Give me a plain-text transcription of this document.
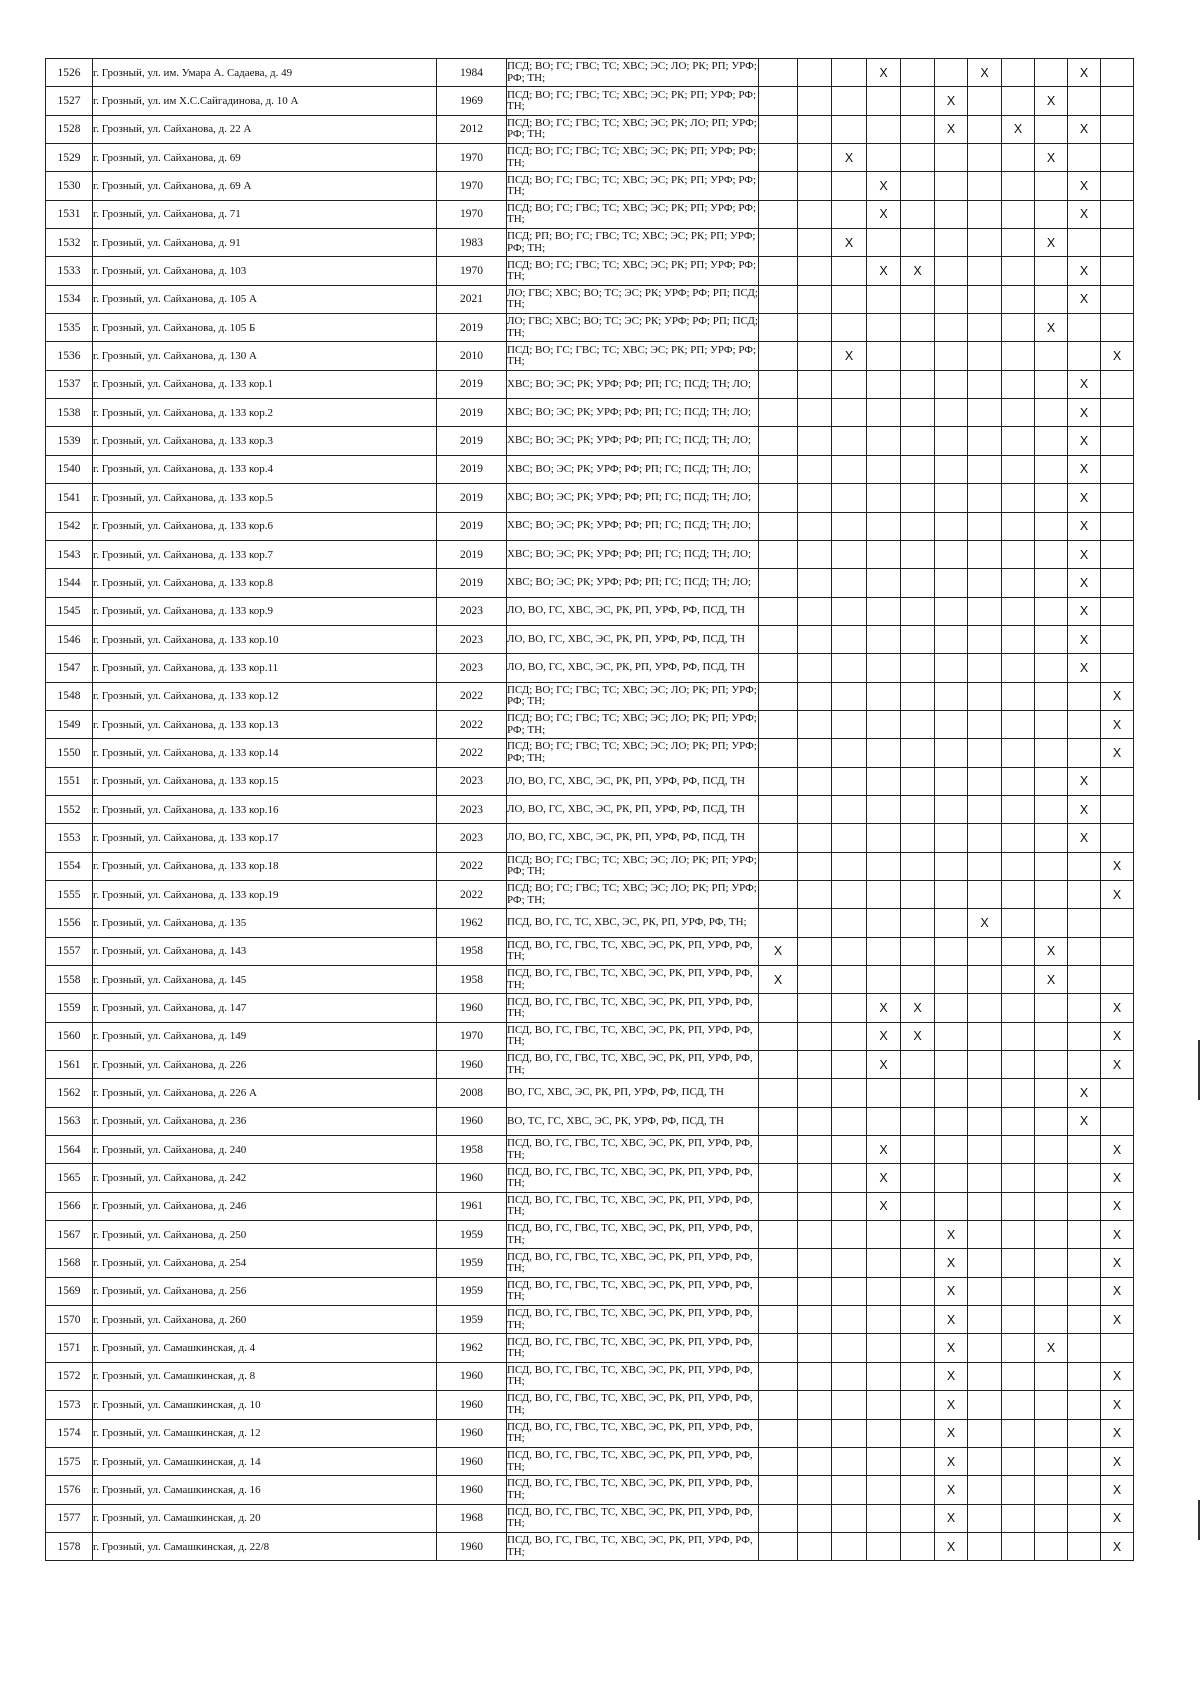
1526	г. Грозный, ул. им. Умара А. Садаева, д. 49	1984	ПСД; ВО; ГС; ГВС; ТС; ХВС; ЭС; ЛО; РК; РП; УРФ; РФ; ТН;				X			X			X	
1527	г. Грозный, ул. им Х.С.Сайгадинова, д. 10 А	1969	ПСД; ВО; ГС; ГВС; ТС; ХВС; ЭС; РК; РП; УРФ; РФ; ТН;						X			X		
1528	г. Грозный, ул. Сайханова, д. 22 А	2012	ПСД; ВО; ГС; ГВС; ТС; ХВС; ЭС; РК; ЛО; РП; УРФ; РФ; ТН;						X		X		X	
1529	г. Грозный, ул. Сайханова, д. 69	1970	ПСД; ВО; ГС; ГВС; ТС; ХВС; ЭС; РК; РП; УРФ; РФ; ТН;			X						X		
1530	г. Грозный, ул. Сайханова, д. 69 А	1970	ПСД; ВО; ГС; ГВС; ТС; ХВС; ЭС; РК; РП; УРФ; РФ; ТН;				X						X	
1531	г. Грозный, ул. Сайханова, д. 71	1970	ПСД; ВО; ГС; ГВС; ТС; ХВС; ЭС; РК; РП; УРФ; РФ; ТН;				X						X	
1532	г. Грозный, ул. Сайханова, д. 91	1983	ПСД; РП; ВО; ГС; ГВС; ТС; ХВС; ЭС; РК; РП; УРФ; РФ; ТН;			X						X		
1533	г. Грозный, ул. Сайханова, д. 103	1970	ПСД; ВО; ГС; ГВС; ТС; ХВС; ЭС; РК; РП; УРФ; РФ; ТН;				X	X					X	
1534	г. Грозный, ул. Сайханова, д. 105 А	2021	ЛО; ГВС; ХВС; ВО; ТС; ЭС; РК; УРФ; РФ; РП; ПСД; ТН;										X	
1535	г. Грозный, ул. Сайханова, д. 105 Б	2019	ЛО; ГВС; ХВС; ВО; ТС; ЭС; РК; УРФ; РФ; РП; ПСД; ТН;									X		
1536	г. Грозный, ул. Сайханова, д. 130 А	2010	ПСД; ВО; ГС; ГВС; ТС; ХВС; ЭС; РК; РП; УРФ; РФ; ТН;			X								X
1537	г. Грозный, ул. Сайханова, д. 133 кор.1	2019	ХВС; ВО; ЭС; РК; УРФ; РФ; РП; ГС; ПСД; ТН; ЛО;										X	
1538	г. Грозный, ул. Сайханова, д. 133 кор.2	2019	ХВС; ВО; ЭС; РК; УРФ; РФ; РП; ГС; ПСД; ТН; ЛО;										X	
1539	г. Грозный, ул. Сайханова, д. 133 кор.3	2019	ХВС; ВО; ЭС; РК; УРФ; РФ; РП; ГС; ПСД; ТН; ЛО;										X	
1540	г. Грозный, ул. Сайханова, д. 133 кор.4	2019	ХВС; ВО; ЭС; РК; УРФ; РФ; РП; ГС; ПСД; ТН; ЛО;										X	
1541	г. Грозный, ул. Сайханова, д. 133 кор.5	2019	ХВС; ВО; ЭС; РК; УРФ; РФ; РП; ГС; ПСД; ТН; ЛО;										X	
1542	г. Грозный, ул. Сайханова, д. 133 кор.6	2019	ХВС; ВО; ЭС; РК; УРФ; РФ; РП; ГС; ПСД; ТН; ЛО;										X	
1543	г. Грозный, ул. Сайханова, д. 133 кор.7	2019	ХВС; ВО; ЭС; РК; УРФ; РФ; РП; ГС; ПСД; ТН; ЛО;										X	
1544	г. Грозный, ул. Сайханова, д. 133 кор.8	2019	ХВС; ВО; ЭС; РК; УРФ; РФ; РП; ГС; ПСД; ТН; ЛО;										X	
1545	г. Грозный, ул. Сайханова, д. 133 кор.9	2023	ЛО, ВО, ГС, ХВС, ЭС, РК, РП, УРФ, РФ, ПСД, ТН										X	
1546	г. Грозный, ул. Сайханова, д. 133 кор.10	2023	ЛО, ВО, ГС, ХВС, ЭС, РК, РП, УРФ, РФ, ПСД, ТН										X	
1547	г. Грозный, ул. Сайханова, д. 133 кор.11	2023	ЛО, ВО, ГС, ХВС, ЭС, РК, РП, УРФ, РФ, ПСД, ТН										X	
1548	г. Грозный, ул. Сайханова, д. 133 кор.12	2022	ПСД; ВО; ГС; ГВС; ТС; ХВС; ЭС; ЛО; РК; РП; УРФ; РФ; ТН;											X
1549	г. Грозный, ул. Сайханова, д. 133 кор.13	2022	ПСД; ВО; ГС; ГВС; ТС; ХВС; ЭС; ЛО; РК; РП; УРФ; РФ; ТН;											X
1550	г. Грозный, ул. Сайханова, д. 133 кор.14	2022	ПСД; ВО; ГС; ГВС; ТС; ХВС; ЭС; ЛО; РК; РП; УРФ; РФ; ТН;											X
1551	г. Грозный, ул. Сайханова, д. 133 кор.15	2023	ЛО, ВО, ГС, ХВС, ЭС, РК, РП, УРФ, РФ, ПСД, ТН										X	
1552	г. Грозный, ул. Сайханова, д. 133 кор.16	2023	ЛО, ВО, ГС, ХВС, ЭС, РК, РП, УРФ, РФ, ПСД, ТН										X	
1553	г. Грозный, ул. Сайханова, д. 133 кор.17	2023	ЛО, ВО, ГС, ХВС, ЭС, РК, РП, УРФ, РФ, ПСД, ТН										X	
1554	г. Грозный, ул. Сайханова, д. 133 кор.18	2022	ПСД; ВО; ГС; ГВС; ТС; ХВС; ЭС; ЛО; РК; РП; УРФ; РФ; ТН;											X
1555	г. Грозный, ул. Сайханова, д. 133 кор.19	2022	ПСД; ВО; ГС; ГВС; ТС; ХВС; ЭС; ЛО; РК; РП; УРФ; РФ; ТН;											X
1556	г. Грозный, ул. Сайханова, д. 135	1962	ПСД, ВО, ГС, ТС, ХВС, ЭС, РК, РП, УРФ, РФ, ТН;							X				
1557	г. Грозный, ул. Сайханова, д. 143	1958	ПСД, ВО, ГС, ГВС, ТС, ХВС, ЭС, РК, РП, УРФ, РФ, ТН;	X								X		
1558	г. Грозный, ул. Сайханова, д. 145	1958	ПСД, ВО, ГС, ГВС, ТС, ХВС, ЭС, РК, РП, УРФ, РФ, ТН;	X								X		
1559	г. Грозный, ул. Сайханова, д. 147	1960	ПСД, ВО, ГС, ГВС, ТС, ХВС, ЭС, РК, РП, УРФ, РФ, ТН;				X	X						X
1560	г. Грозный, ул. Сайханова, д. 149	1970	ПСД, ВО, ГС, ГВС, ТС, ХВС, ЭС, РК, РП, УРФ, РФ, ТН;				X	X						X
1561	г. Грозный, ул. Сайханова, д. 226	1960	ПСД, ВО, ГС, ГВС, ТС, ХВС, ЭС, РК, РП, УРФ, РФ, ТН;				X							X
1562	г. Грозный, ул. Сайханова, д. 226 А	2008	ВО, ГС, ХВС, ЭС, РК, РП, УРФ, РФ, ПСД, ТН										X	
1563	г. Грозный, ул. Сайханова, д. 236	1960	ВО, ТС, ГС, ХВС, ЭС, РК, УРФ, РФ, ПСД, ТН										X	
1564	г. Грозный, ул. Сайханова, д. 240	1958	ПСД, ВО, ГС, ГВС, ТС, ХВС, ЭС, РК, РП, УРФ, РФ, ТН;				X							X
1565	г. Грозный, ул. Сайханова, д. 242	1960	ПСД, ВО, ГС, ГВС, ТС, ХВС, ЭС, РК, РП, УРФ, РФ, ТН;				X							X
1566	г. Грозный, ул. Сайханова, д. 246	1961	ПСД, ВО, ГС, ГВС, ТС, ХВС, ЭС, РК, РП, УРФ, РФ, ТН;				X							X
1567	г. Грозный, ул. Сайханова, д. 250	1959	ПСД, ВО, ГС, ГВС, ТС, ХВС, ЭС, РК, РП, УРФ, РФ, ТН;						X					X
1568	г. Грозный, ул. Сайханова, д. 254	1959	ПСД, ВО, ГС, ГВС, ТС, ХВС, ЭС, РК, РП, УРФ, РФ, ТН;						X					X
1569	г. Грозный, ул. Сайханова, д. 256	1959	ПСД, ВО, ГС, ГВС, ТС, ХВС, ЭС, РК, РП, УРФ, РФ, ТН;						X					X
1570	г. Грозный, ул. Сайханова, д. 260	1959	ПСД, ВО, ГС, ГВС, ТС, ХВС, ЭС, РК, РП, УРФ, РФ, ТН;						X					X
1571	г. Грозный, ул. Самашкинская, д. 4	1962	ПСД, ВО, ГС, ГВС, ТС, ХВС, ЭС, РК, РП, УРФ, РФ, ТН;						X			X		
1572	г. Грозный, ул. Самашкинская, д. 8	1960	ПСД, ВО, ГС, ГВС, ТС, ХВС, ЭС, РК, РП, УРФ, РФ, ТН;						X					X
1573	г. Грозный, ул. Самашкинская, д. 10	1960	ПСД, ВО, ГС, ГВС, ТС, ХВС, ЭС, РК, РП, УРФ, РФ, ТН;						X					X
1574	г. Грозный, ул. Самашкинская, д. 12	1960	ПСД, ВО, ГС, ГВС, ТС, ХВС, ЭС, РК, РП, УРФ, РФ, ТН;						X					X
1575	г. Грозный, ул. Самашкинская, д. 14	1960	ПСД, ВО, ГС, ГВС, ТС, ХВС, ЭС, РК, РП, УРФ, РФ, ТН;						X					X
1576	г. Грозный, ул. Самашкинская, д. 16	1960	ПСД, ВО, ГС, ГВС, ТС, ХВС, ЭС, РК, РП, УРФ, РФ, ТН;						X					X
1577	г. Грозный, ул. Самашкинская, д. 20	1968	ПСД, ВО, ГС, ГВС, ТС, ХВС, ЭС, РК, РП, УРФ, РФ, ТН;						X					X
1578	г. Грозный, ул. Самашкинская, д. 22/8	1960	ПСД, ВО, ГС, ГВС, ТС, ХВС, ЭС, РК, РП, УРФ, РФ, ТН;						X					X
